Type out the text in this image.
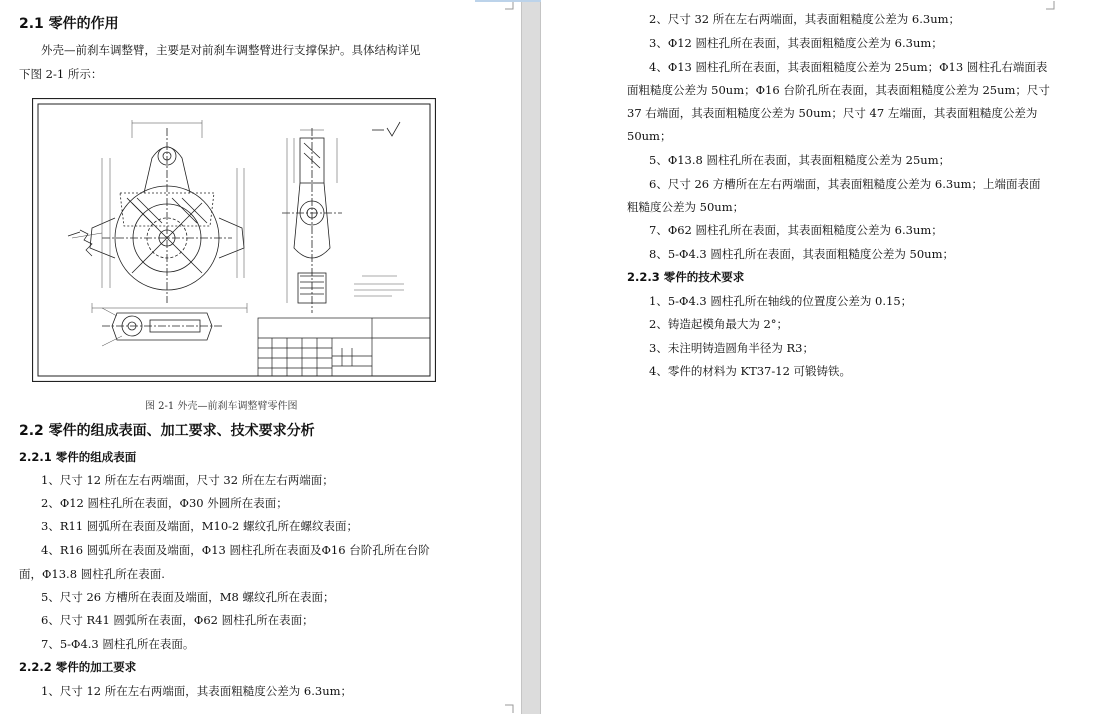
2.1 零件的作用
外壳—前刹车调整臂，主要是对前刹车调整臂进行支撑保护。具体结构详见
下图 2-1 所示：
图 2-1 外壳—前刹车调整臂零件图
2.2 零件的组成表面、加工要求、技术要求分析
2.2.1 零件的组成表面
1、尺寸 12 所在左右两端面，尺寸 32 所在左右两端面；
2、Φ12 圆柱孔所在表面，Φ30 外圆所在表面；
3、R11 圆弧所在表面及端面，M10-2 螺纹孔所在螺纹表面；
4、R16 圆弧所在表面及端面，Φ13 圆柱孔所在表面及Φ16 台阶孔所在台阶
面，Φ13.8 圆柱孔所在表面.
5、尺寸 26 方槽所在表面及端面，M8 螺纹孔所在表面；
6、尺寸 R41 圆弧所在表面，Φ62 圆柱孔所在表面；
7、5-Φ4.3 圆柱孔所在表面。
2.2.2 零件的加工要求
1、尺寸 12 所在左右两端面，其表面粗糙度公差为 6.3um；
2、尺寸 32 所在左右两端面，其表面粗糙度公差为 6.3um；
3、Φ12 圆柱孔所在表面，其表面粗糙度公差为 6.3um；
4、Φ13 圆柱孔所在表面，其表面粗糙度公差为 25um；Φ13 圆柱孔右端面表
面粗糙度公差为 50um；Φ16 台阶孔所在表面，其表面粗糙度公差为 25um；尺寸
37 右端面，其表面粗糙度公差为 50um；尺寸 47 左端面，其表面粗糙度公差为
50um；
5、Φ13.8 圆柱孔所在表面，其表面粗糙度公差为 25um；
6、尺寸 26 方槽所在左右两端面，其表面粗糙度公差为 6.3um；上端面表面
粗糙度公差为 50um；
7、Φ62 圆柱孔所在表面，其表面粗糙度公差为 6.3um；
8、5-Φ4.3 圆柱孔所在表面，其表面粗糙度公差为 50um；
2.2.3 零件的技术要求
1、5-Φ4.3 圆柱孔所在轴线的位置度公差为 0.15；
2、铸造起模角最大为 2°；
3、未注明铸造圆角半径为 R3；
4、零件的材料为 KT37-12 可锻铸铁。
